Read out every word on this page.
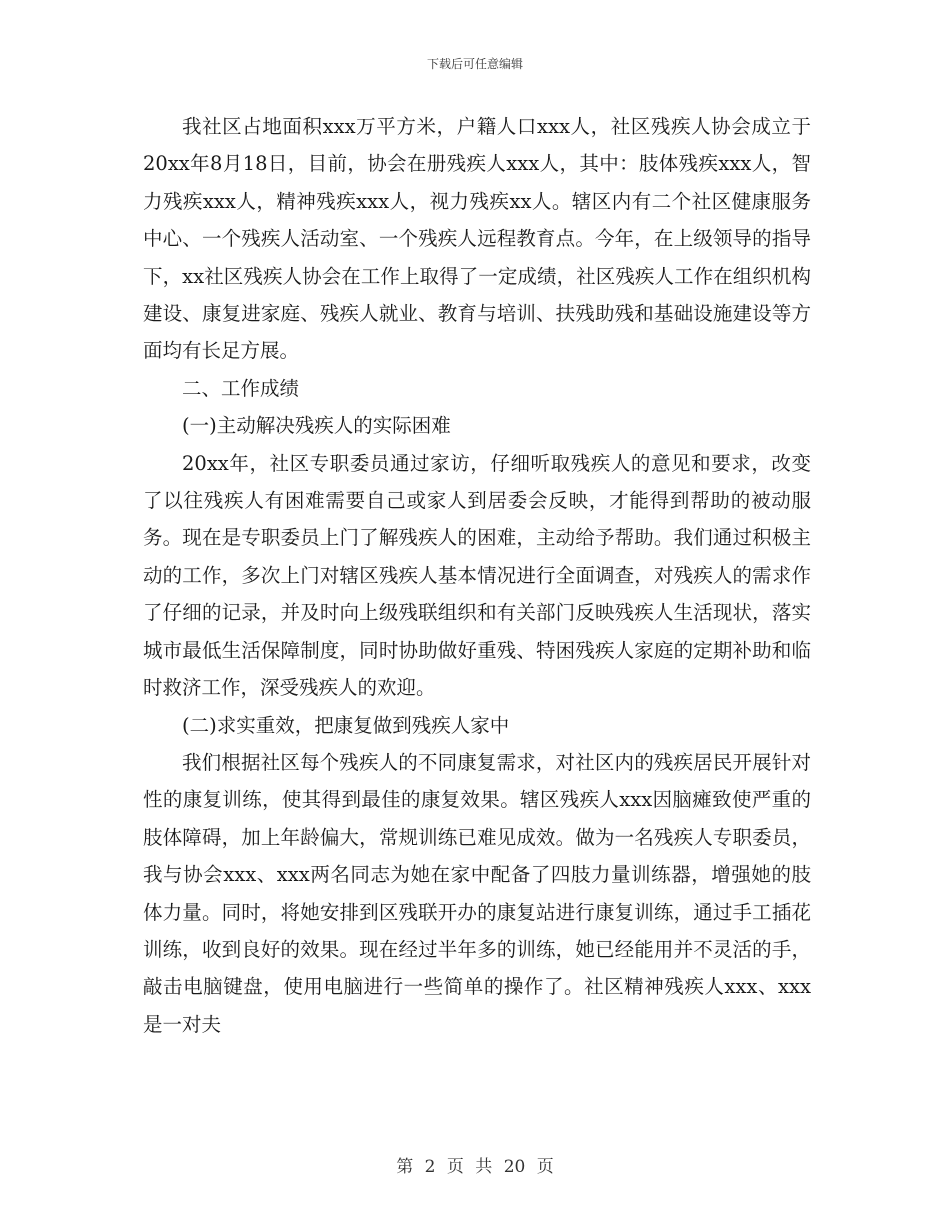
下载后可任意编辑

我社区占地面积xxx万平方米，户籍人口xxx人，社区残疾人协会成立于20xx年8月18日，目前，协会在册残疾人xxx人，其中：肢体残疾xxx人，智力残疾xxx人，精神残疾xxx人，视力残疾xx人。辖区内有二个社区健康服务中心、一个残疾人活动室、一个残疾人远程教育点。今年，在上级领导的指导下，xx社区残疾人协会在工作上取得了一定成绩，社区残疾人工作在组织机构建设、康复进家庭、残疾人就业、教育与培训、扶残助残和基础设施建设等方面均有长足方展。

二、工作成绩

(一)主动解决残疾人的实际困难

20xx年，社区专职委员通过家访，仔细听取残疾人的意见和要求，改变了以往残疾人有困难需要自己或家人到居委会反映，才能得到帮助的被动服务。现在是专职委员上门了解残疾人的困难，主动给予帮助。我们通过积极主动的工作，多次上门对辖区残疾人基本情况进行全面调查，对残疾人的需求作了仔细的记录，并及时向上级残联组织和有关部门反映残疾人生活现状，落实城市最低生活保障制度，同时协助做好重残、特困残疾人家庭的定期补助和临时救济工作，深受残疾人的欢迎。

(二)求实重效，把康复做到残疾人家中

我们根据社区每个残疾人的不同康复需求，对社区内的残疾居民开展针对性的康复训练，使其得到最佳的康复效果。辖区残疾人xxx因脑瘫致使严重的肢体障碍，加上年龄偏大，常规训练已难见成效。做为一名残疾人专职委员，我与协会xxx、xxx两名同志为她在家中配备了四肢力量训练器，增强她的肢体力量。同时，将她安排到区残联开办的康复站进行康复训练，通过手工插花训练，收到良好的效果。现在经过半年多的训练，她已经能用并不灵活的手，敲击电脑键盘，使用电脑进行一些简单的操作了。社区精神残疾人xxx、xxx是一对夫

第 2 页 共 20 页
